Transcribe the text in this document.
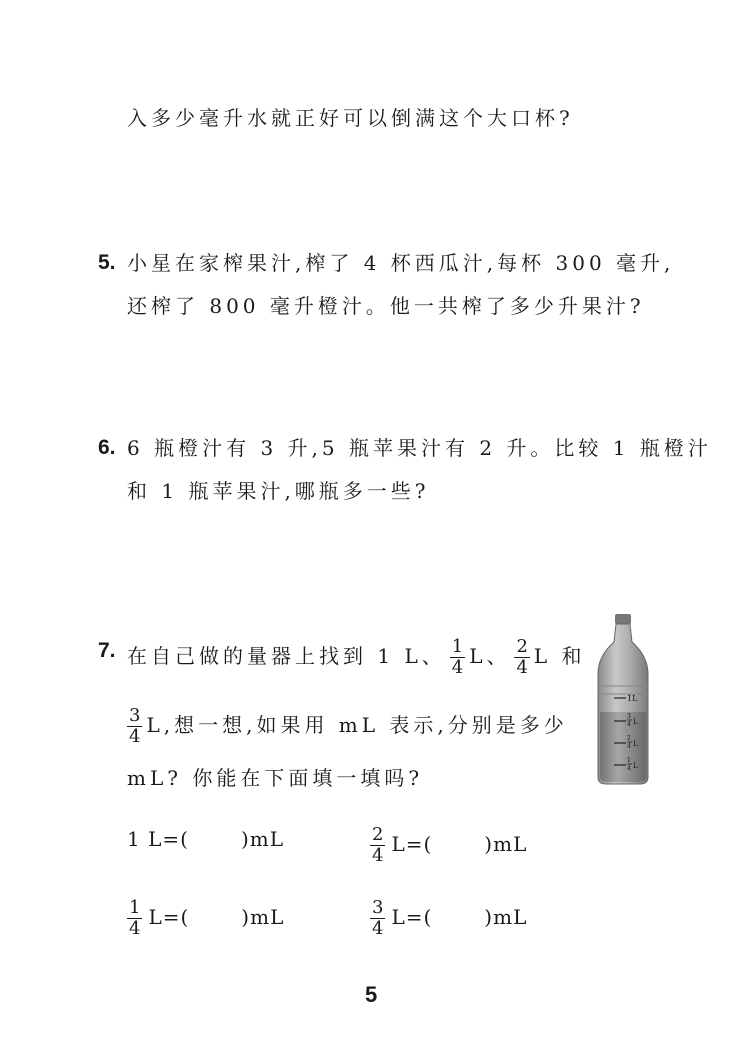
入多少毫升水就正好可以倒满这个大口杯?
5. 小星在家榨果汁,榨了 4 杯西瓜汁,每杯 300 毫升,
还榨了 800 毫升橙汁。他一共榨了多少升果汁?
6. 6 瓶橙汁有 3 升,5 瓶苹果汁有 2 升。比较 1 瓶橙汁
和 1 瓶苹果汁,哪瓶多一些?
7. 在自己做的量器上找到 1 L、 $\frac{1}{4}$ L、 $\frac{2}{4}$ L 和
$\frac{3}{4} L$,想一想,如果用 mL 表示,分别是多少
mL? 你能在下面填一填吗?
1 L=(	)mL	$\frac{2}{4} L=$(	)mL
$\frac{1}{4} L=$(	)mL	$\frac{3}{4} L=$(	)mL
1L
3
4 L
2
4 L
1
4 L
5
